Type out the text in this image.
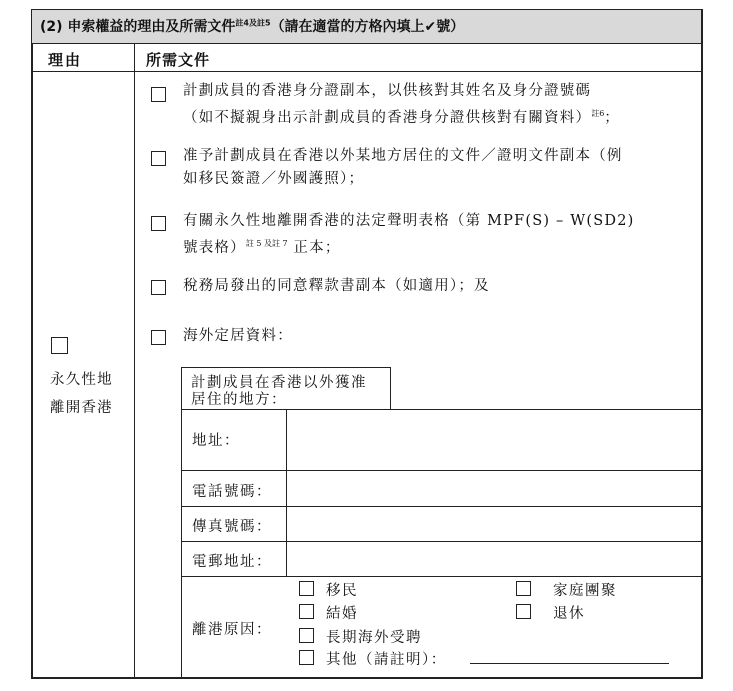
(2) 申索權益的理由及所需文件$^{註4及註5}$（請在適當的方格內填上✔號）
理由	所需文件
永久性地
離開香港
計劃成員的香港身分證副本，以供核對其姓名及身分證號碼
（如不擬親身出示計劃成員的香港身分證供核對有關資料）$^{註6}$；
准予計劃成員在香港以外某地方居住的文件／證明文件副本（例
如移民簽證／外國護照）；
有關永久性地離開香港的法定聲明表格（第 MPF(S) – W(SD2)
號表格）$^{註 5 及註 7}$ 正本；
稅務局發出的同意釋款書副本（如適用）；及
海外定居資料：
計劃成員在香港以外獲准
居住的地方：
地址：
電話號碼：
傳真號碼：
電郵地址：
離港原因：
移民	家庭團聚
結婚	退休
長期海外受聘
其他（請註明）：
